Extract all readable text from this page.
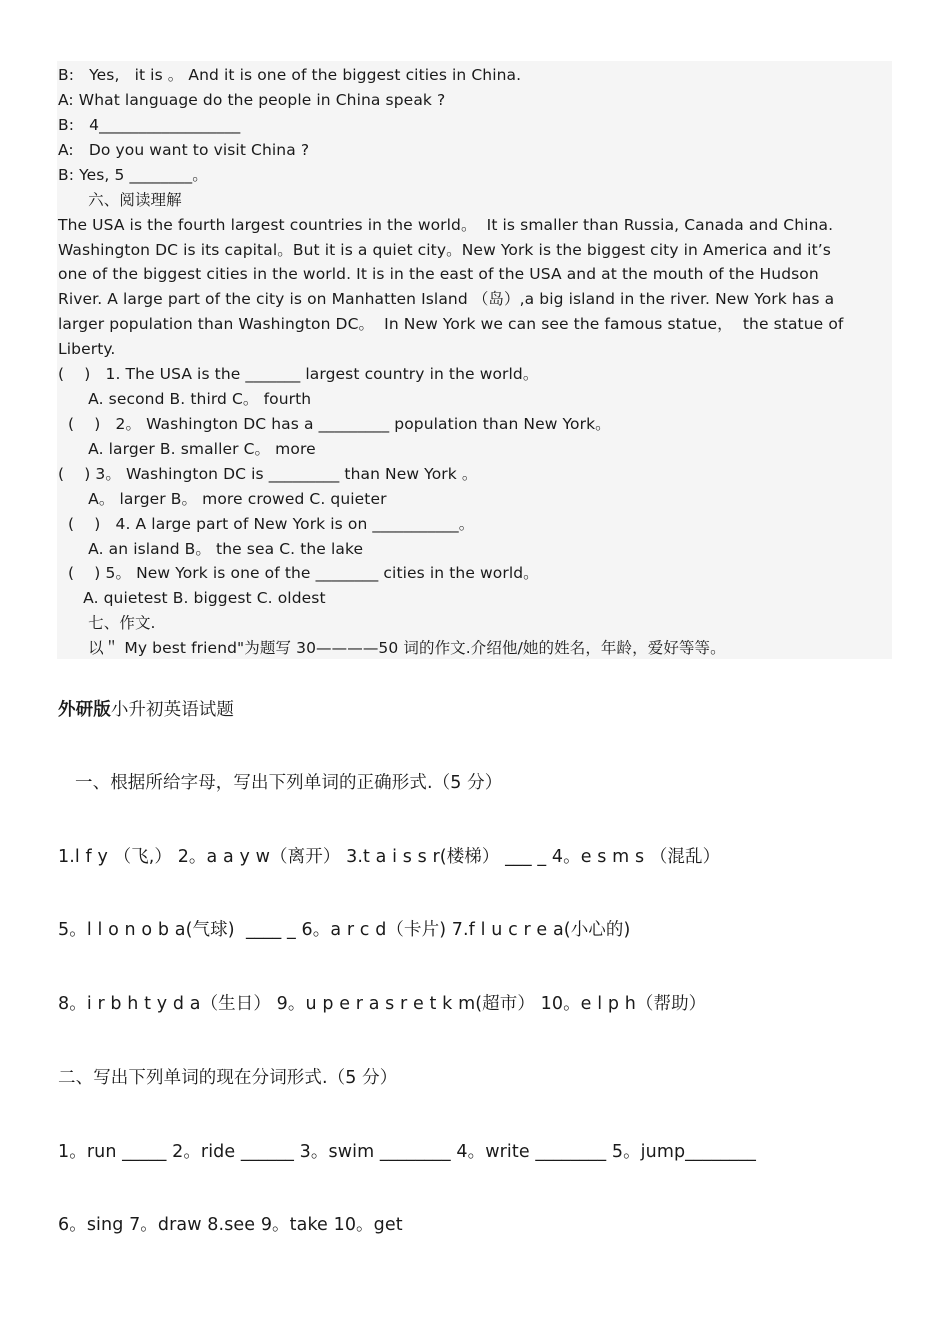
B:   Yes,   it is 。 And it is one of the biggest cities in China.
A: What language do the people in China speak ?
B:   4__________________
A:   Do you want to visit China ?
B: Yes, 5 ________。
六、阅读理解
The USA is the fourth largest countries in the world。  It is smaller than Russia, Canada and China.
Washington DC is its capital。But it is a quiet city。New York is the biggest city in America and it’s
one of the biggest cities in the world. It is in the east of the USA and at the mouth of the Hudson
River. A large part of the city is on Manhatten Island （岛）,a big island in the river. New York has a
larger population than Washington DC。  In New York we can see the famous statue，  the statue of
Liberty.
(    )   1. The USA is the _______ largest country in the world。
A. second B. third C。 fourth
(    )   2。 Washington DC has a _________ population than New York。
A. larger B. smaller C。 more
(    ) 3。 Washington DC is _________ than New York 。
A。 larger B。 more crowed C. quieter
(    )   4. A large part of New York is on ___________。
A. an island B。 the sea C. the lake
(    ) 5。 New York is one of the ________ cities in the world。
A. quietest B. biggest C. oldest
七、作文.
以＂ My best friend"为题写 30————50 词的作文.介绍他/她的姓名，年龄，爱好等等。
外研版小升初英语试题
一、根据所给字母，写出下列单词的正确形式.（5 分）
1.l f y （飞,） 2。a a y w（离开） 3.t a i s s r(楼梯） ___ _ 4。e s m s （混乱）
5。l l o n o b a(气球)  ____ _ 6。a r c d（卡片) 7.f l u c r e a(小心的)
8。i r b h t y d a（生日） 9。u p e r a s r e t k m(超市） 10。e l p h（帮助）
二、写出下列单词的现在分词形式.（5 分）
1。run _____ 2。ride ______ 3。swim ________ 4。write ________ 5。jump________
6。sing 7。draw 8.see 9。take 10。get
